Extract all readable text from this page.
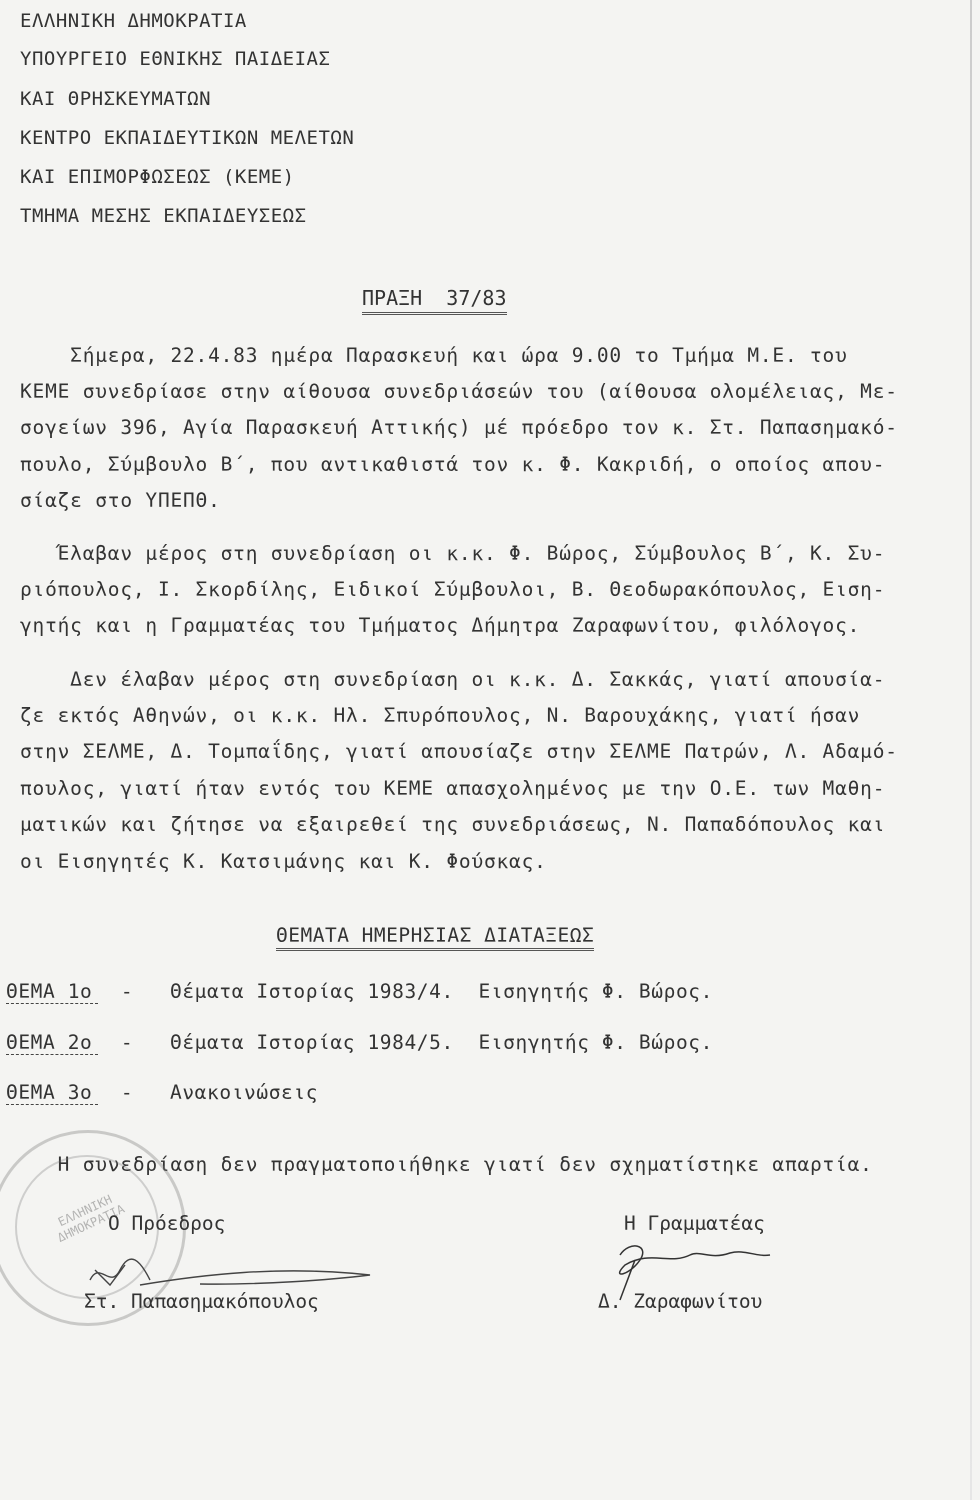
ΕΛΛΗΝΙΚΗ ΔΗΜΟΚΡΑΤΙΑ
ΥΠΟΥΡΓΕΙΟ ΕΘΝΙΚΗΣ ΠΑΙΔΕΙΑΣ
ΚΑΙ ΘΡΗΣΚΕΥΜΑΤΩΝ
ΚΕΝΤΡΟ ΕΚΠΑΙΔΕΥΤΙΚΩΝ ΜΕΛΕΤΩΝ
ΚΑΙ ΕΠΙΜΟΡΦΩΣΕΩΣ (ΚΕΜΕ)
ΤΜΗΜΑ ΜΕΣΗΣ ΕΚΠΑΙΔΕΥΣΕΩΣ
ΠΡΑΞΗ  37/83
Σήμερα, 22.4.83 ημέρα Παρασκευή και ώρα 9.00 το Τμήμα Μ.Ε. του
ΚΕΜΕ συνεδρίασε στην αίθουσα συνεδριάσεών του (αίθουσα ολομέλειας, Με-
σογείων 396, Αγία Παρασκευή Αττικής) μέ πρόεδρο τον κ. Στ. Παπασημακό-
πουλο, Σύμβουλο Β΄, που αντικαθιστά τον κ. Φ. Κακριδή, ο οποίος απου-
σίαζε στο ΥΠΕΠΘ.
Έλαβαν μέρος στη συνεδρίαση οι κ.κ. Φ. Βώρος, Σύμβουλος Β΄, Κ. Συ-
ριόπουλος, Ι. Σκορδίλης, Ειδικοί Σύμβουλοι, Β. Θεοδωρακόπουλος, Ειση-
γητής και η Γραμματέας του Τμήματος Δήμητρα Ζαραφωνίτου, φιλόλογος.
Δεν έλαβαν μέρος στη συνεδρίαση οι κ.κ. Δ. Σακκάς, γιατί απουσία-
ζε εκτός Αθηνών, οι κ.κ. Ηλ. Σπυρόπουλος, Ν. Βαρουχάκης, γιατί ήσαν
στην ΣΕΛΜΕ, Δ. Τομπαΐδης, γιατί απουσίαζε στην ΣΕΛΜΕ Πατρών, Λ. Αδαμό-
πουλος, γιατί ήταν εντός του ΚΕΜΕ απασχολημένος με την Ο.Ε. των Μαθη-
ματικών και ζήτησε να εξαιρεθεί της συνεδριάσεως, Ν. Παπαδόπουλος και
οι Εισηγητές Κ. Κατσιμάνης και Κ. Φούσκας.
ΘΕΜΑΤΑ ΗΜΕΡΗΣΙΑΣ ΔΙΑΤΑΞΕΩΣ
ΘΕΜΑ 1ο - Θέματα Ιστορίας 1983/4.  Εισηγητής Φ. Βώρος.
ΘΕΜΑ 2ο - Θέματα Ιστορίας 1984/5.  Εισηγητής Φ. Βώρος.
ΘΕΜΑ 3ο - Ανακοινώσεις
Η συνεδρίαση δεν πραγματοποιήθηκε γιατί δεν σχηματίστηκε απαρτία.
ΕΛΛΗΝΙΚΗ ΔΗΜΟΚΡΑΤΙΑ
Ο Πρόεδρος	Η Γραμματέας
Στ. Παπασημακόπουλος	Δ. Ζαραφωνίτου
